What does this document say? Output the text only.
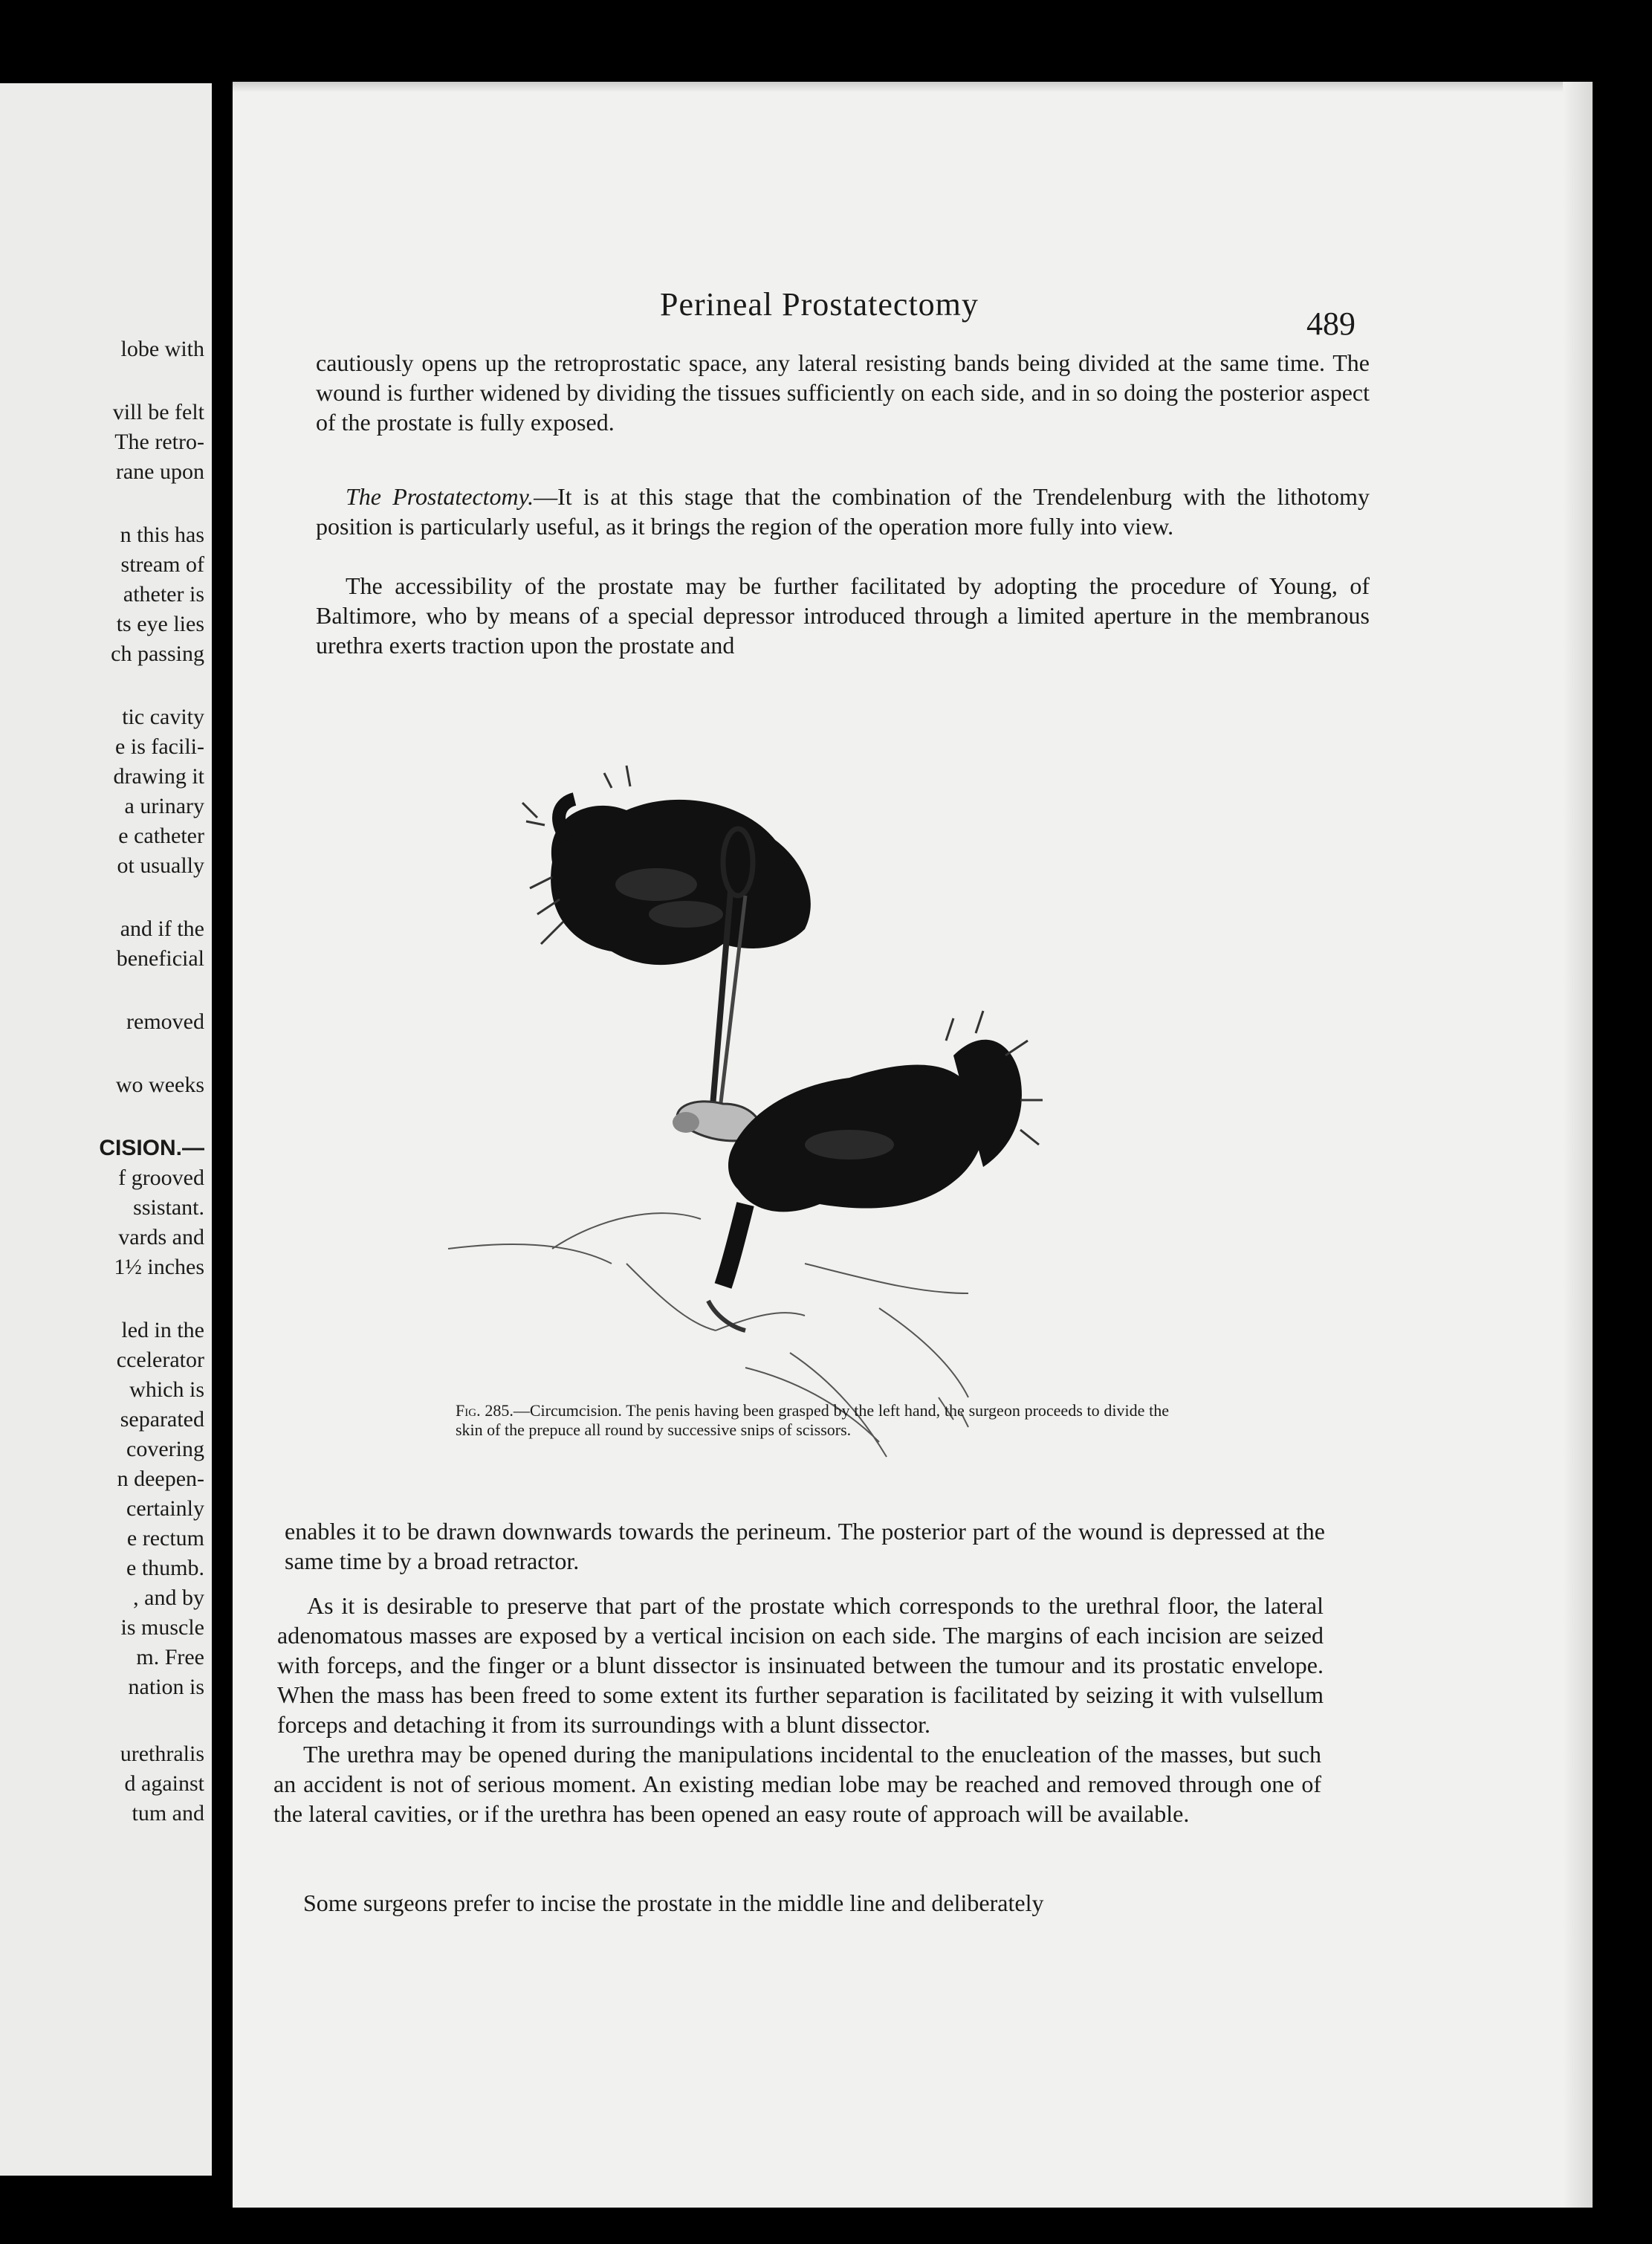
lobe with
vill be felt
The retro-
rane upon
n this has
stream of
atheter is
ts eye lies
ch passing
tic cavity
e is facili-
drawing it
a urinary
e catheter
ot usually
and if the
beneficial
removed
wo weeks
CISION.—
f grooved
ssistant.
vards and
1½ inches
led in the
ccelerator
which is
separated
covering
n deepen-
certainly
e rectum
e thumb.
, and by
is muscle
m. Free
nation is
urethralis
d against
tum and
Perineal Prostatectomy
489

cautiously opens up the retroprostatic space, any lateral resisting bands being divided at the same time. The wound is further widened by dividing the tissues sufficiently on each side, and in so doing the posterior aspect of the prostate is fully exposed.

The Prostatectomy.—It is at this stage that the combination of the Trendelenburg with the lithotomy position is particularly useful, as it brings the region of the operation more fully into view.

The accessibility of the prostate may be further facilitated by adopting the procedure of Young, of Baltimore, who by means of a special depressor introduced through a limited aperture in the membranous urethra exerts traction upon the prostate and

Fig. 285.—Circumcision. The penis having been grasped by the left hand, the surgeon proceeds to divide the skin of the prepuce all round by successive snips of scissors.

enables it to be drawn downwards towards the perineum. The posterior part of the wound is depressed at the same time by a broad retractor.

As it is desirable to preserve that part of the prostate which corresponds to the urethral floor, the lateral adenomatous masses are exposed by a vertical incision on each side. The margins of each incision are seized with forceps, and the finger or a blunt dissector is insinuated between the tumour and its prostatic envelope. When the mass has been freed to some extent its further separation is facilitated by seizing it with vulsellum forceps and detaching it from its surroundings with a blunt dissector.

The urethra may be opened during the manipulations incidental to the enucleation of the masses, but such an accident is not of serious moment. An existing median lobe may be reached and removed through one of the lateral cavities, or if the urethra has been opened an easy route of approach will be available.

Some surgeons prefer to incise the prostate in the middle line and deliberately
